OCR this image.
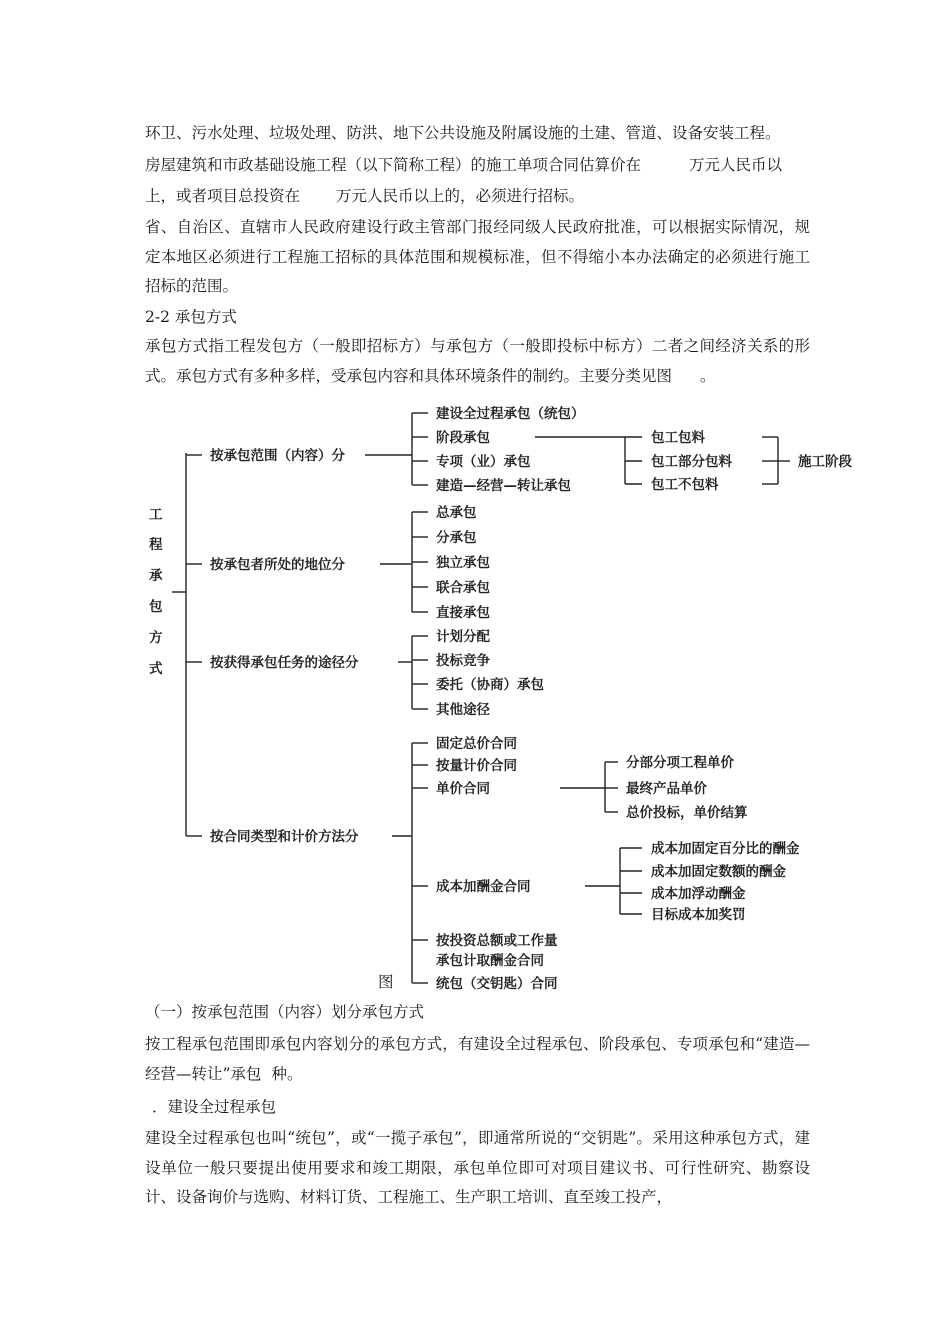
环卫、污水处理、垃圾处理、防洪、地下公共设施及附属设施的土建、管道、设备安装工程。
房屋建筑和市政基础设施工程（以下简称工程）的施工单项合同估算价在	万元人民币以
上，或者项目总投资在 万元人民币以上的，必须进行招标。
省、自治区、直辖市人民政府建设行政主管部门报经同级人民政府批准，可以根据实际情况，规定本地区必须进行工程施工招标的具体范围和规模标准，但不得缩小本办法确定的必须进行施工招标的范围。
2-2 承包方式
承包方式指工程发包方（一般即招标方）与承包方（一般即投标中标方）二者之间经济关系的形式。承包方式有多种多样，受承包内容和具体环境条件的制约。主要分类见图 。
工
程
承
包
方
式
按承包范围（内容）分
建设全过程承包（统包）
阶段承包
专项（业）承包
建造—经营—转让承包
按承包者所处的地位分
总承包
分承包
独立承包
联合承包
直接承包
按获得承包任务的途径分
计划分配
投标竞争
委托（协商）承包
其他途径
按合同类型和计价方法分
固定总价合同
按量计价合同
单价合同
成本加酬金合同
按投资总额或工作量
承包计取酬金合同
统包（交钥匙）合同
包工包料
包工部分包料
包工不包料
施工阶段
分部分项工程单价
最终产品单价
总价投标，单价结算
成本加固定百分比的酬金
成本加固定数额的酬金
成本加浮动酬金
目标成本加奖罚
图
（一）按承包范围（内容）划分承包方式
按工程承包范围即承包内容划分的承包方式，有建设全过程承包、阶段承包、专项承包和“建造—经营—转让”承包 种。
．建设全过程承包
建设全过程承包也叫“统包”，或“一揽子承包”，即通常所说的“交钥匙”。采用这种承包方式，建设单位一般只要提出使用要求和竣工期限，承包单位即可对项目建议书、可行性研究、勘察设计、设备询价与选购、材料订货、工程施工、生产职工培训、直至竣工投产，
